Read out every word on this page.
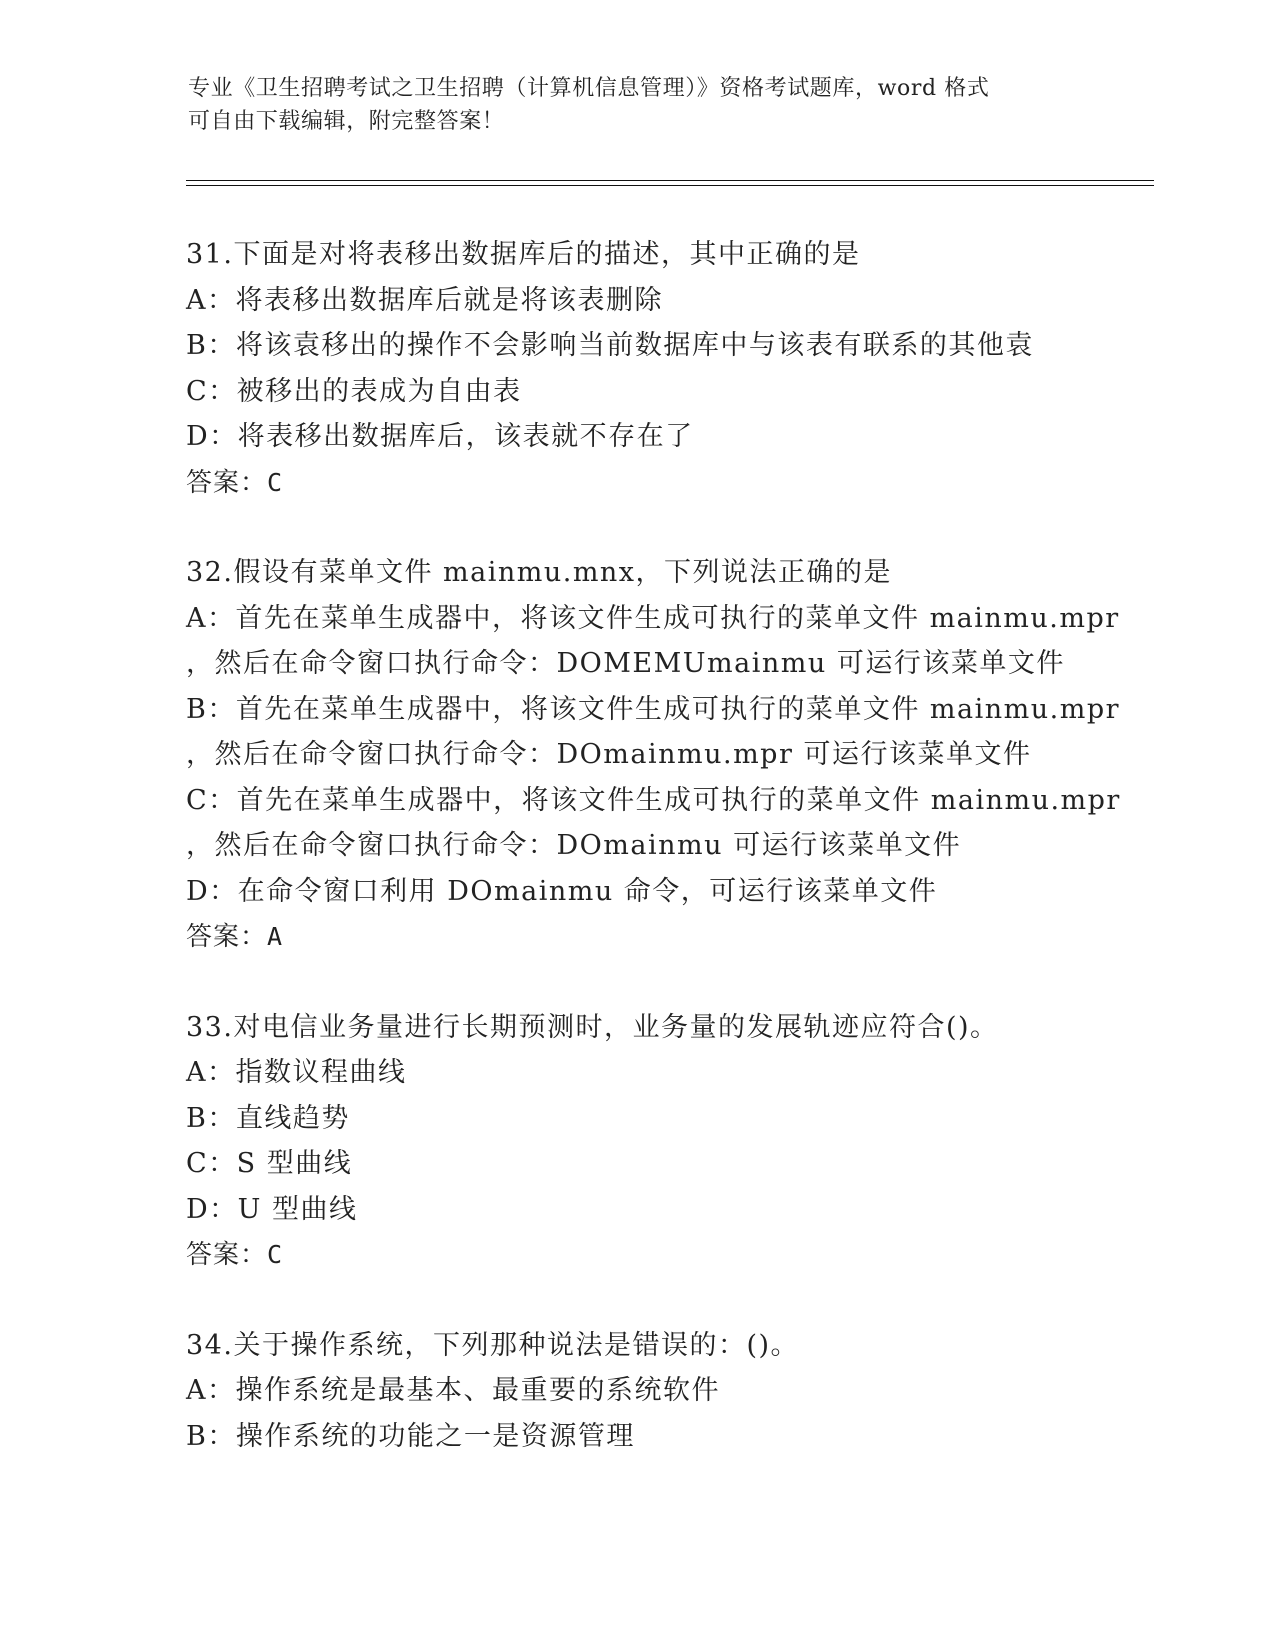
专业《卫生招聘考试之卫生招聘（计算机信息管理）》资格考试题库，word 格式
可自由下载编辑，附完整答案！
31.下面是对将表移出数据库后的描述，其中正确的是
A：将表移出数据库后就是将该表删除
B：将该袁移出的操作不会影响当前数据库中与该表有联系的其他袁
C：被移出的表成为自由表
D：将表移出数据库后，该表就不存在了
答案：C
32.假设有菜单文件 mainmu.mnx，下列说法正确的是
A：首先在菜单生成器中，将该文件生成可执行的菜单文件 mainmu.mpr
，然后在命令窗口执行命令：DOMEMUmainmu 可运行该菜单文件
B：首先在菜单生成器中，将该文件生成可执行的菜单文件 mainmu.mpr
，然后在命令窗口执行命令：DOmainmu.mpr 可运行该菜单文件
C：首先在菜单生成器中，将该文件生成可执行的菜单文件 mainmu.mpr
，然后在命令窗口执行命令：DOmainmu 可运行该菜单文件
D：在命令窗口利用 DOmainmu 命令，可运行该菜单文件
答案：A
33.对电信业务量进行长期预测时，业务量的发展轨迹应符合()。
A：指数议程曲线
B：直线趋势
C：S 型曲线
D：U 型曲线
答案：C
34.关于操作系统，下列那种说法是错误的：()。
A：操作系统是最基本、最重要的系统软件
B：操作系统的功能之一是资源管理
